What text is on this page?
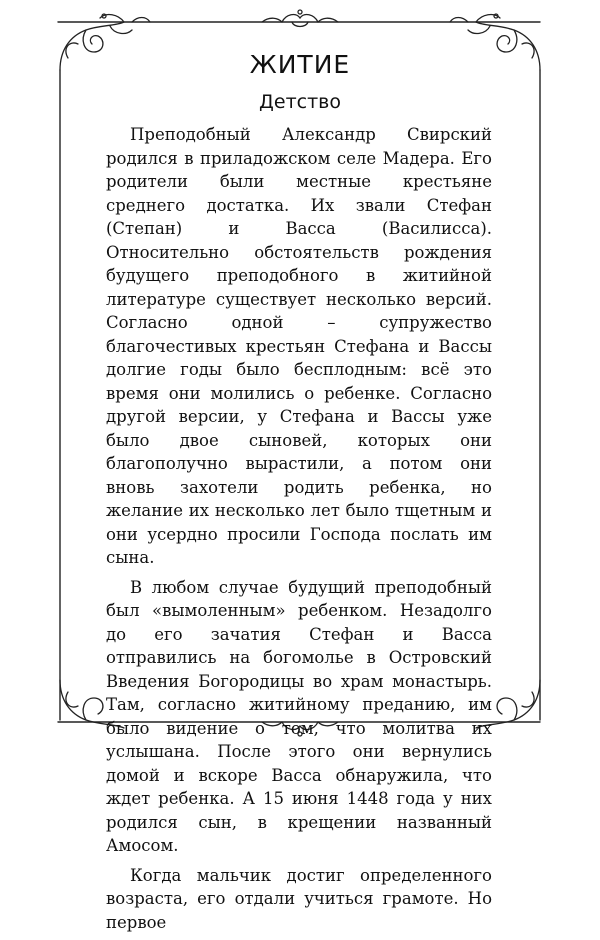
ЖИТИЕ
Детство

Преподобный Александр Свирский родился в приладожском селе Мадера. Его родители были местные крестьяне среднего достатка. Их звали Стефан (Степан) и Васса (Василисса). Относительно обстоятельств рождения будущего преподобного в житийной литературе существует несколько версий. Согласно одной – супружество благочестивых крестьян Стефана и Вассы долгие годы было бесплодным: всё это время они молились о ребенке. Согласно другой версии, у Стефана и Вассы уже было двое сыновей, которых они благополучно вырастили, а потом они вновь захотели родить ребенка, но желание их несколько лет было тщетным и они усердно просили Господа послать им сына.

В любом случае будущий преподобный был «вымоленным» ребенком. Незадолго до его зачатия Стефан и Васса отправились на богомолье в Островский Введения Богородицы во храм монастырь. Там, согласно житийному преданию, им было видение о том, что молитва их услышана. После этого они вернулись домой и вскоре Васса обнаружила, что ждет ребенка. А 15 июня 1448 года у них родился сын, в крещении названный Амосом.

Когда мальчик достиг определенного возраста, его отдали учиться грамоте. Но первое
